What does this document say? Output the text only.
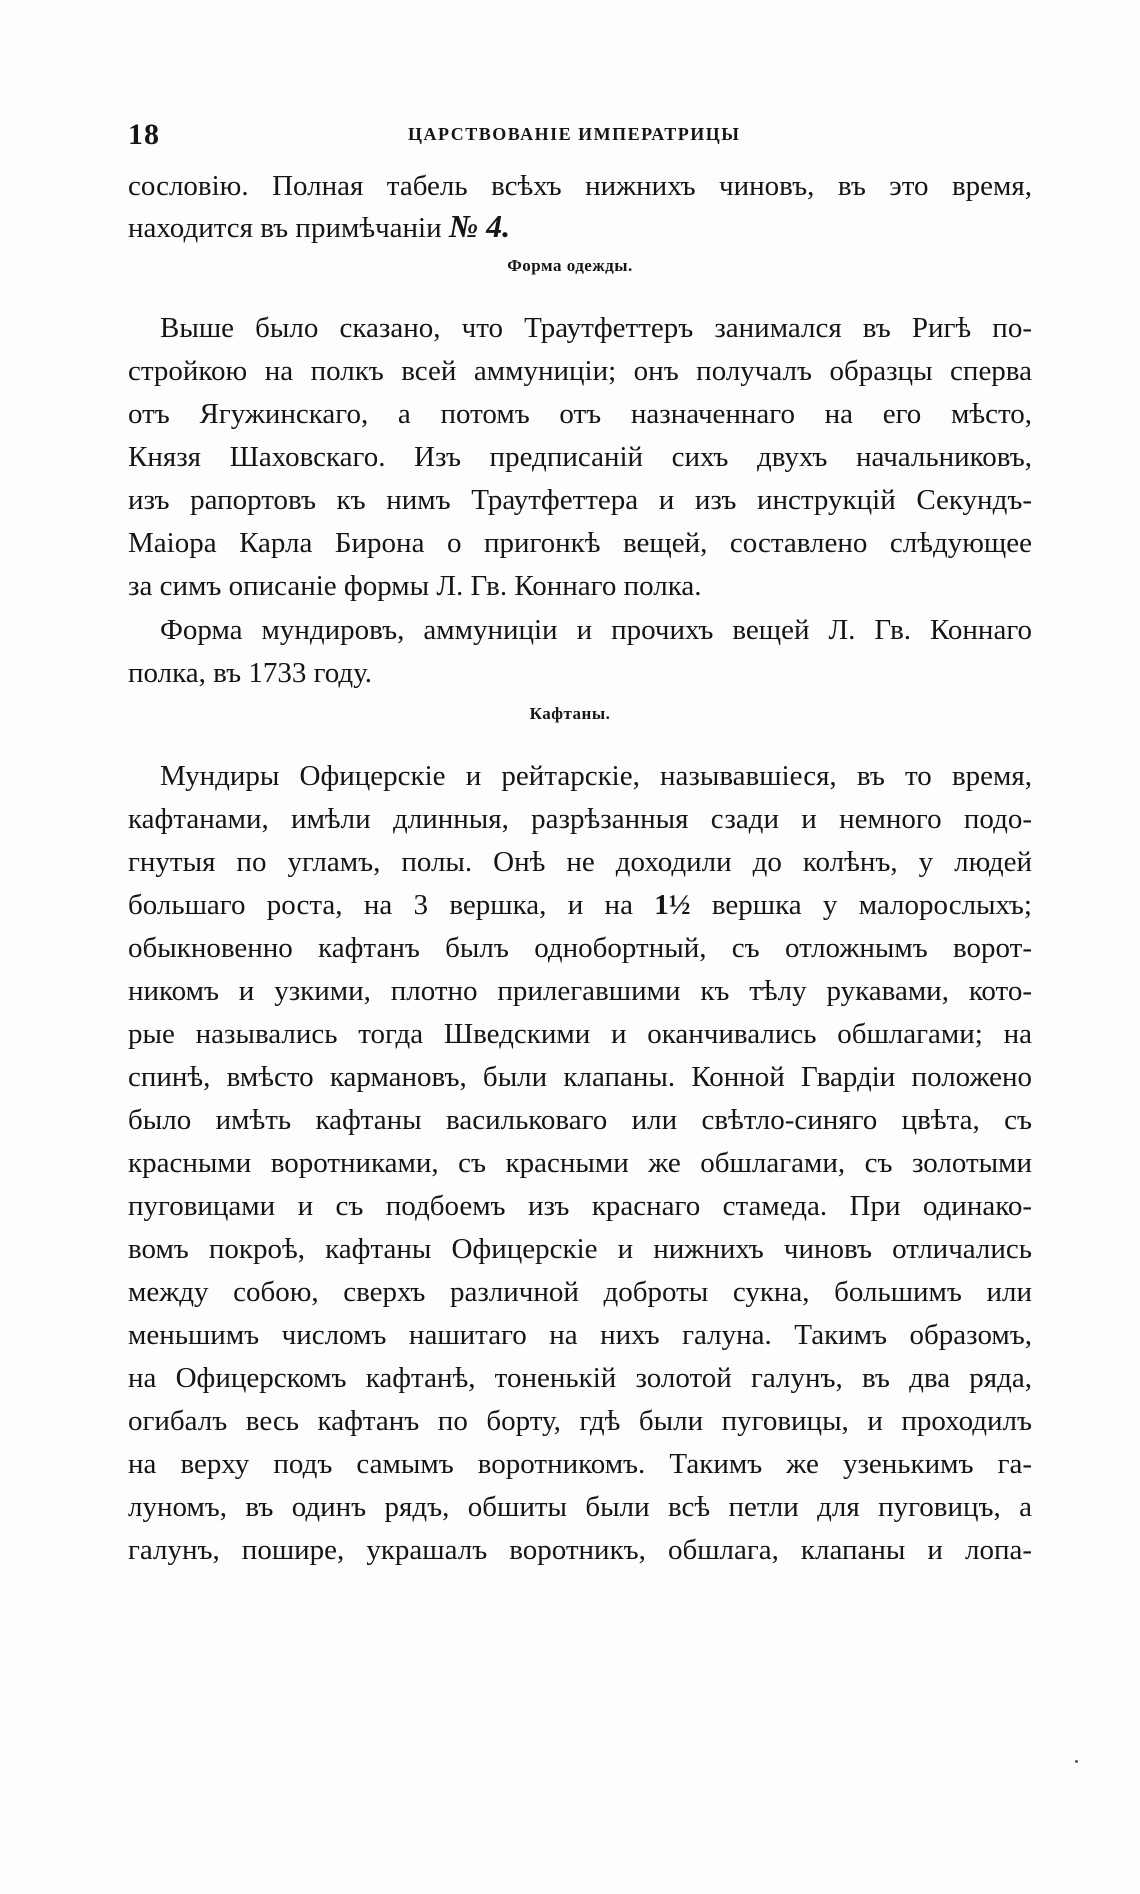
18	ЦАРСТВОВАНІЕ ИМПЕРАТРИЦЫ
сословію. Полная табель всѣхъ нижнихъ чиновъ, въ это время,
находится въ примѣчаніи № 4.
Форма одежды.
Выше было сказано, что Траутфеттеръ занимался въ Ригѣ по-
стройкою на полкъ всей аммуниціи; онъ получалъ образцы сперва
отъ Ягужинскаго, а потомъ отъ назначеннаго на его мѣсто,
Князя Шаховскаго. Изъ предписаній сихъ двухъ начальниковъ,
изъ рапортовъ къ нимъ Траутфеттера и изъ инструкцій Секундъ-
Маіора Карла Бирона о пригонкѣ вещей, составлено слѣдующее
за симъ описаніе формы Л. Гв. Коннаго полка.
Форма мундировъ, аммуниціи и прочихъ вещей Л. Гв. Коннаго
полка, въ 1733 году.
Кафтаны.
Мундиры Офицерскіе и рейтарскіе, называвшіеся, въ то время,
кафтанами, имѣли длинныя, разрѣзанныя сзади и немного подо-
гнутыя по угламъ, полы. Онѣ не доходили до колѣнъ, у людей
большаго роста, на 3 вершка, и на 1½ вершка у малорослыхъ;
обыкновенно кафтанъ былъ однобортный, съ отложнымъ ворот-
никомъ и узкими, плотно прилегавшими къ тѣлу рукавами, кото-
рые назывались тогда Шведскими и оканчивались обшлагами; на
спинѣ, вмѣсто кармановъ, были клапаны. Конной Гвардіи положено
было имѣть кафтаны васильковаго или свѣтло-синяго цвѣта, съ
красными воротниками, съ красными же обшлагами, съ золотыми
пуговицами и съ подбоемъ изъ краснаго стамеда. При одинако-
вомъ покроѣ, кафтаны Офицерскіе и нижнихъ чиновъ отличались
между собою, сверхъ различной доброты сукна, большимъ или
меньшимъ числомъ нашитаго на нихъ галуна. Такимъ образомъ,
на Офицерскомъ кафтанѣ, тоненькій золотой галунъ, въ два ряда,
огибалъ весь кафтанъ по борту, гдѣ были пуговицы, и проходилъ
на верху подъ самымъ воротникомъ. Такимъ же узенькимъ га-
луномъ, въ одинъ рядъ, обшиты были всѣ петли для пуговицъ, а
галунъ, пошире, украшалъ воротникъ, обшлага, клапаны и лопа-
